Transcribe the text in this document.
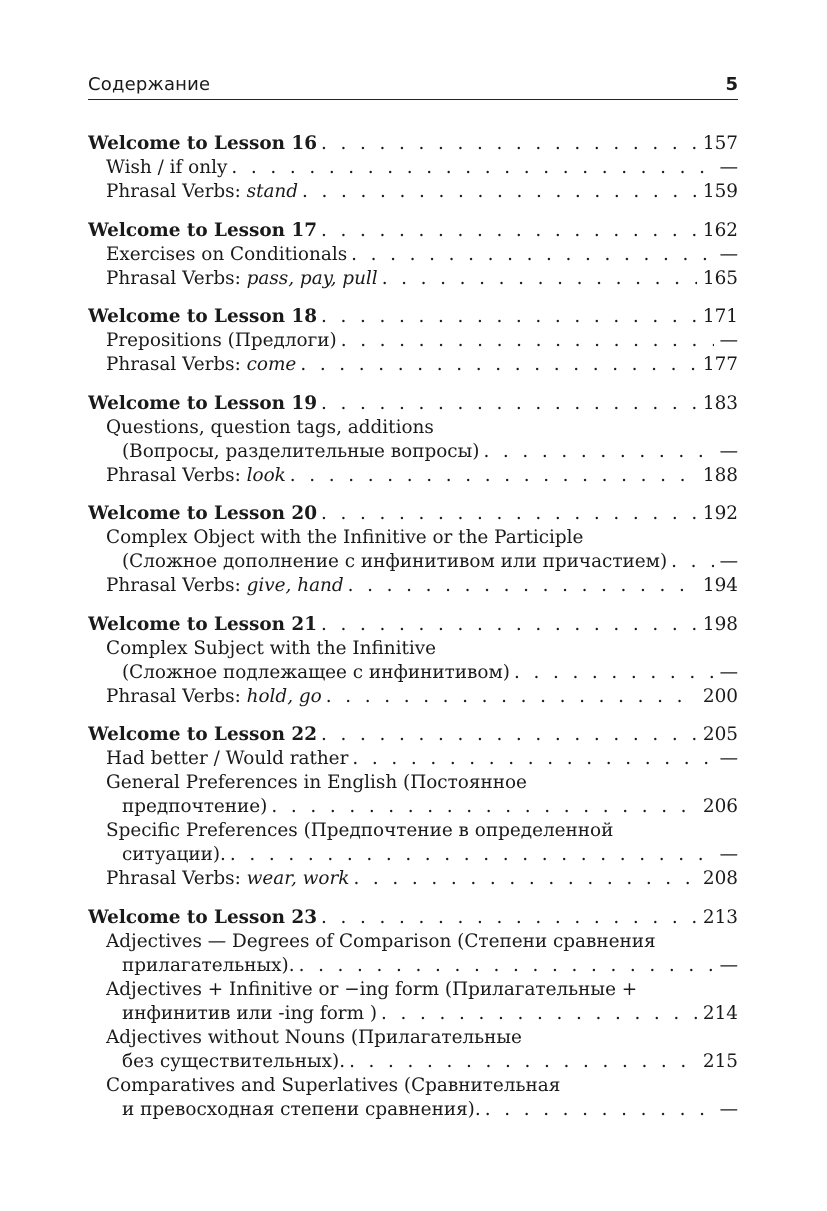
Содержание	5
Welcome to Lesson 16 . . .	157
Wish / if only . . .	—
Phrasal Verbs: stand . . .	159
Welcome to Lesson 17 . . .	162
Exercises on Conditionals . . .	—
Phrasal Verbs: pass, pay, pull . . .	165
Welcome to Lesson 18 . . .	171
Prepositions (Предлоги) . . .	—
Phrasal Verbs: come . . .	177
Welcome to Lesson 19 . . .	183
Questions, question tags, additions
(Вопросы, разделительные вопросы) . . .	—
Phrasal Verbs: look . . .	188
Welcome to Lesson 20 . . .	192
Complex Object with the Infinitive or the Participle
(Сложное дополнение с инфинитивом или причастием) . . .	—
Phrasal Verbs: give, hand . . .	194
Welcome to Lesson 21 . . .	198
Complex Subject with the Infinitive
(Сложное подлежащее с инфинитивом) . . .	—
Phrasal Verbs: hold, go . . .	200
Welcome to Lesson 22 . . .	205
Had better / Would rather . . .	—
General Preferences in English (Постоянное
предпочтение) . . .	206
Specific Preferences (Предпочтение в определенной
ситуации). . . .	—
Phrasal Verbs: wear, work . . .	208
Welcome to Lesson 23 . . .	213
Adjectives — Degrees of Comparison (Степени сравнения
прилагательных). . . .	—
Adjectives + Infinitive or −ing form (Прилагательные +
инфинитив или -ing form ) . . .	214
Adjectives without Nouns (Прилагательные
без существительных). . . .	215
Comparatives and Superlatives (Сравнительная
и превосходная степени сравнения). . . .	—
